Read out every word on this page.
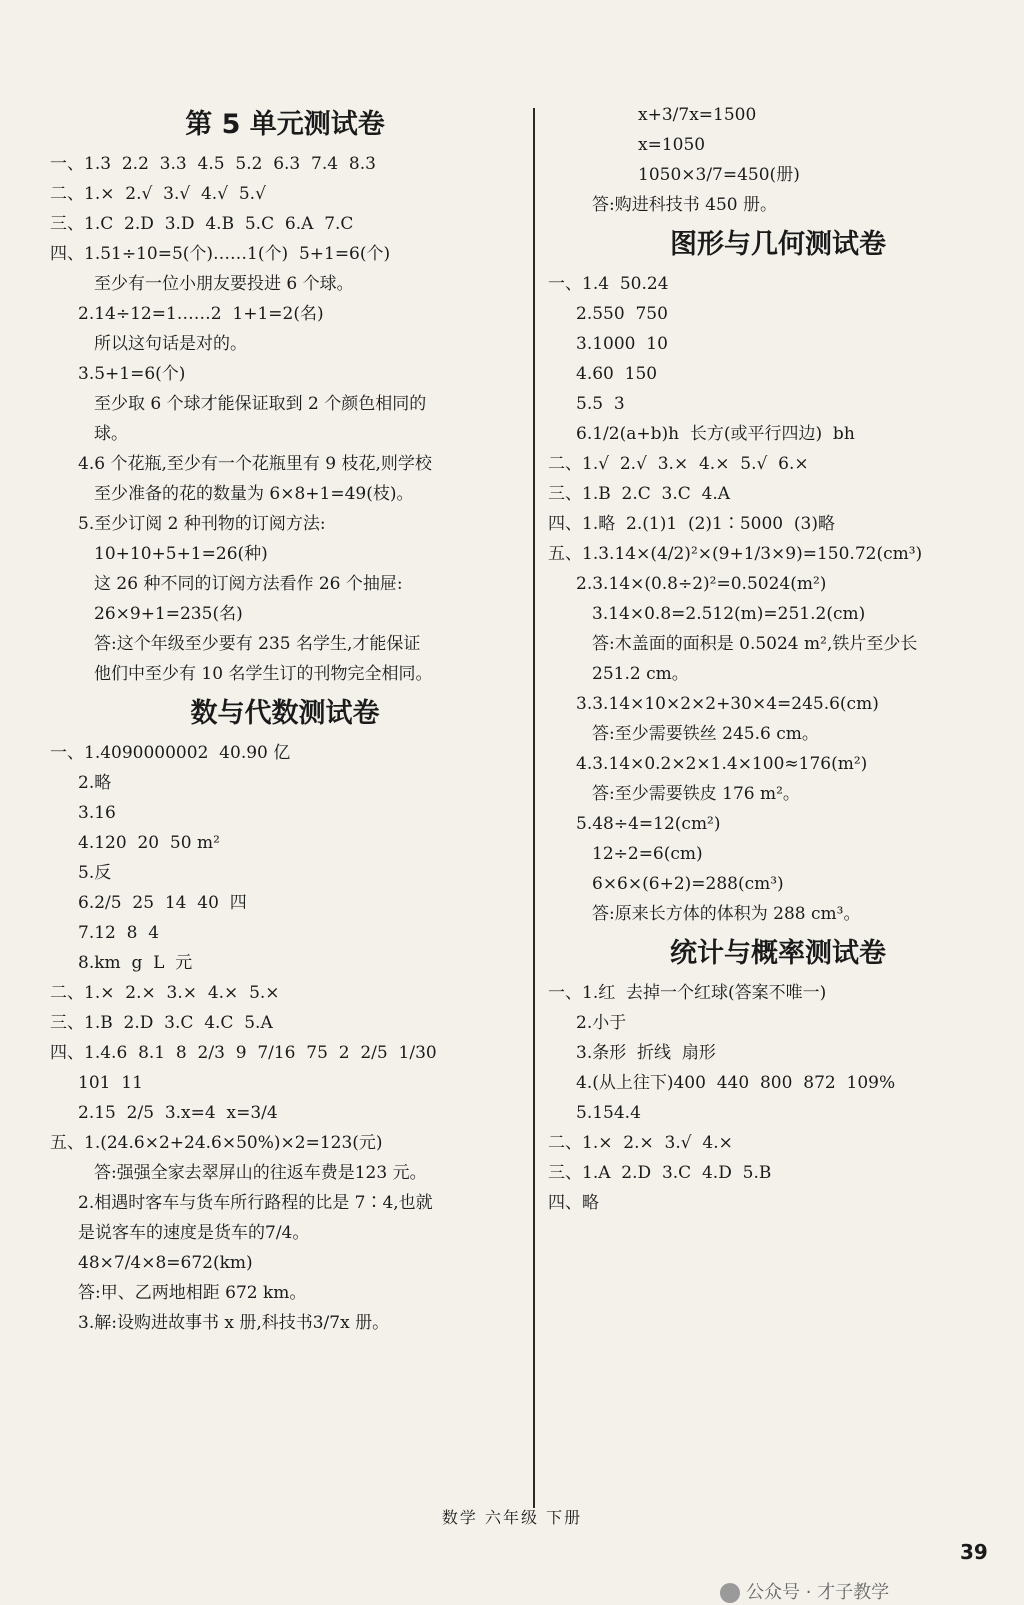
第 5 单元测试卷
一、1.3  2.2  3.3  4.5  5.2  6.3  7.4  8.3
二、1.×  2.√  3.√  4.√  5.√
三、1.C  2.D  3.D  4.B  5.C  6.A  7.C
四、1.51÷10=5(个)……1(个)  5+1=6(个)
至少有一位小朋友要投进 6 个球。
2.14÷12=1……2  1+1=2(名)
所以这句话是对的。
3.5+1=6(个)
至少取 6 个球才能保证取到 2 个颜色相同的
球。
4.6 个花瓶,至少有一个花瓶里有 9 枝花,则学校
至少准备的花的数量为 6×8+1=49(枝)。
5.至少订阅 2 种刊物的订阅方法:
10+10+5+1=26(种)
这 26 种不同的订阅方法看作 26 个抽屉:
26×9+1=235(名)
答:这个年级至少要有 235 名学生,才能保证
他们中至少有 10 名学生订的刊物完全相同。
数与代数测试卷
一、1.4090000002  40.90 亿
2.略
3.16
4.120  20  50 m²
5.反
6.2/5  25  14  40  四
7.12  8  4
8.km  g  L  元
二、1.×  2.×  3.×  4.×  5.×
三、1.B  2.D  3.C  4.C  5.A
四、1.4.6  8.1  8  2/3  9  7/16  75  2  2/5  1/30
101  11
2.15  2/5  3.x=4  x=3/4
五、1.(24.6×2+24.6×50%)×2=123(元)
答:强强全家去翠屏山的往返车费是123 元。
2.相遇时客车与货车所行路程的比是 7∶4,也就
是说客车的速度是货车的7/4。
48×7/4×8=672(km)
答:甲、乙两地相距 672 km。
3.解:设购进故事书 x 册,科技书3/7x 册。
x+3/7x=1500
x=1050
1050×3/7=450(册)
答:购进科技书 450 册。
图形与几何测试卷
一、1.4  50.24
2.550  750
3.1000  10
4.60  150
5.5  3
6.1/2(a+b)h  长方(或平行四边)  bh
二、1.√  2.√  3.×  4.×  5.√  6.×
三、1.B  2.C  3.C  4.A
四、1.略  2.(1)1  (2)1∶5000  (3)略
五、1.3.14×(4/2)²×(9+1/3×9)=150.72(cm³)
2.3.14×(0.8÷2)²=0.5024(m²)
3.14×0.8=2.512(m)=251.2(cm)
答:木盖面的面积是 0.5024 m²,铁片至少长
251.2 cm。
3.3.14×10×2×2+30×4=245.6(cm)
答:至少需要铁丝 245.6 cm。
4.3.14×0.2×2×1.4×100≈176(m²)
答:至少需要铁皮 176 m²。
5.48÷4=12(cm²)
12÷2=6(cm)
6×6×(6+2)=288(cm³)
答:原来长方体的体积为 288 cm³。
统计与概率测试卷
一、1.红  去掉一个红球(答案不唯一)
2.小于
3.条形  折线  扇形
4.(从上往下)400  440  800  872  109%
5.154.4
二、1.×  2.×  3.√  4.×
三、1.A  2.D  3.C  4.D  5.B
四、略
数学 六年级 下册
39
公众号 · 才子教学
